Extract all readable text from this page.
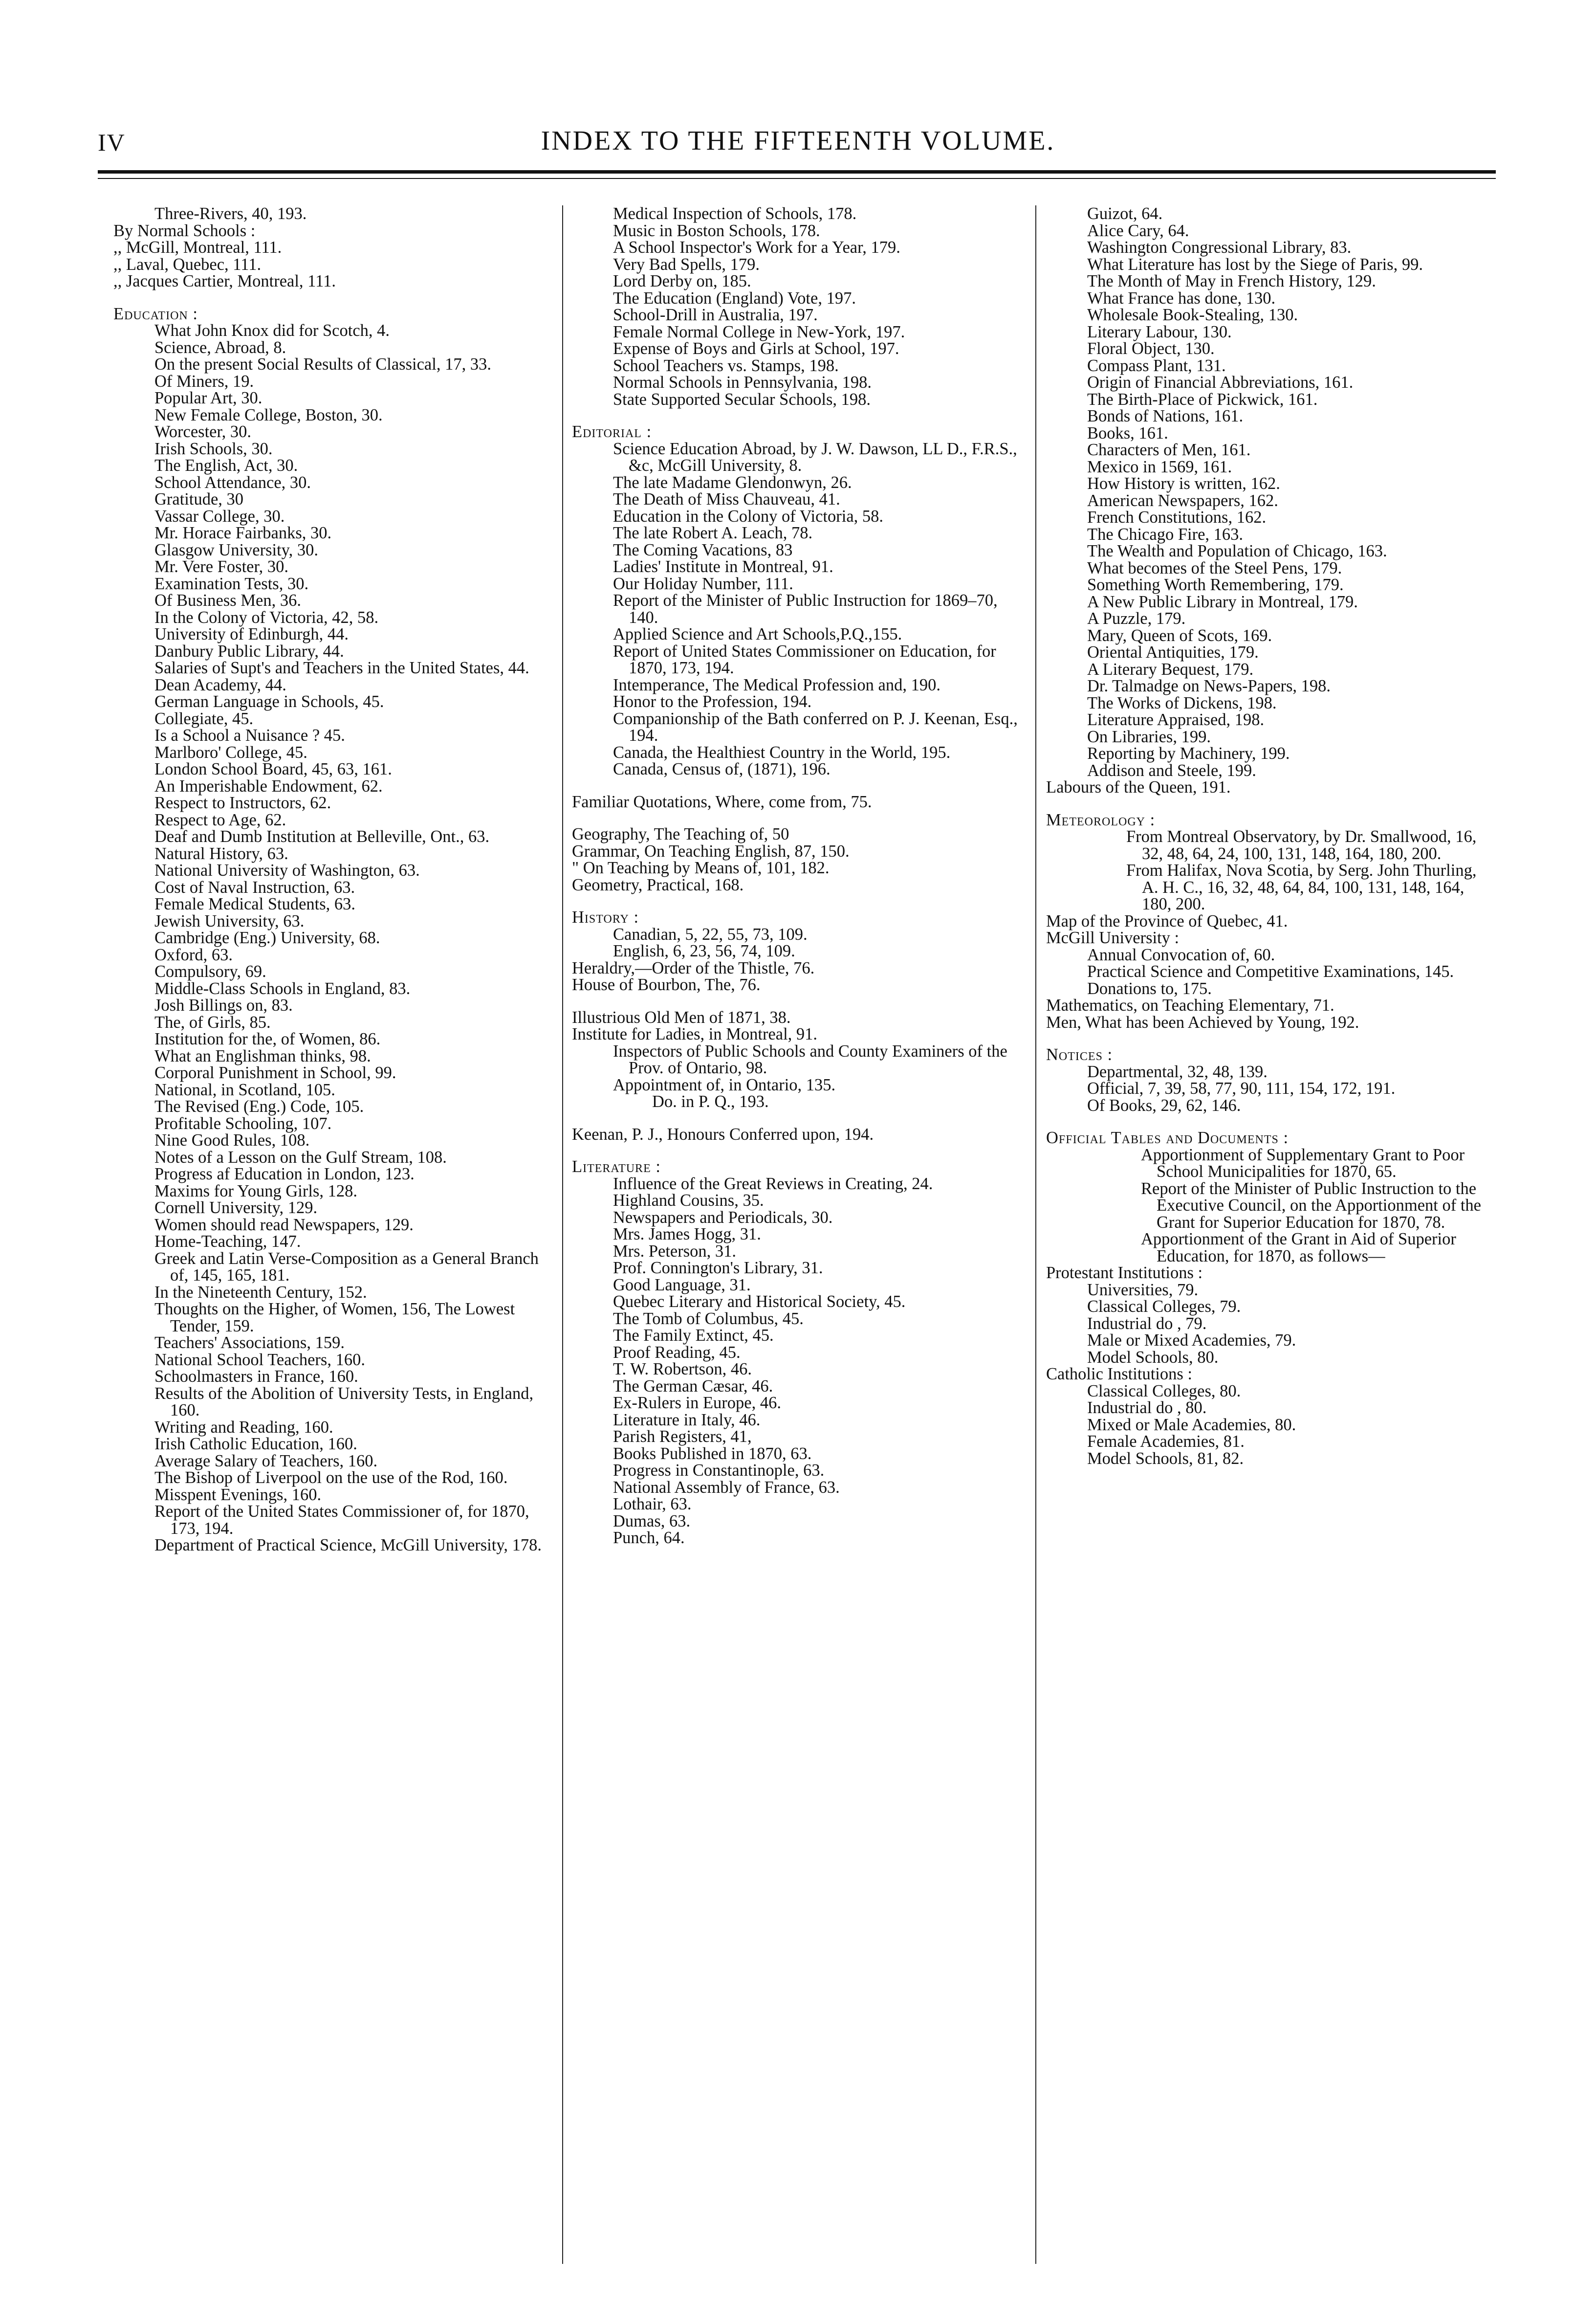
IV	INDEX TO THE FIFTEENTH VOLUME.
Three-Rivers, 40, 193.
By Normal Schools :
,, McGill, Montreal, 111.
,, Laval, Quebec, 111.
,, Jacques Cartier, Montreal, 111.
Education :
What John Knox did for Scotch, 4.
Science, Abroad, 8.
On the present Social Results of Classical, 17, 33.
Of Miners, 19.
Popular Art, 30.
New Female College, Boston, 30.
Worcester, 30.
Irish Schools, 30.
The English, Act, 30.
School Attendance, 30.
Gratitude, 30
Vassar College, 30.
Mr. Horace Fairbanks, 30.
Glasgow University, 30.
Mr. Vere Foster, 30.
Examination Tests, 30.
Of Business Men, 36.
In the Colony of Victoria, 42, 58.
University of Edinburgh, 44.
Danbury Public Library, 44.
Salaries of Supt's and Teachers in the United States, 44.
Dean Academy, 44.
German Language in Schools, 45.
Collegiate, 45.
Is a School a Nuisance ? 45.
Marlboro' College, 45.
London School Board, 45, 63, 161.
An Imperishable Endowment, 62.
Respect to Instructors, 62.
Respect to Age, 62.
Deaf and Dumb Institution at Belleville, Ont., 63.
Natural History, 63.
National University of Washington, 63.
Cost of Naval Instruction, 63.
Female Medical Students, 63.
Jewish University, 63.
Cambridge (Eng.) University, 68.
Oxford, 63.
Compulsory, 69.
Middle-Class Schools in England, 83.
Josh Billings on, 83.
The, of Girls, 85.
Institution for the, of Women, 86.
What an Englishman thinks, 98.
Corporal Punishment in School, 99.
National, in Scotland, 105.
The Revised (Eng.) Code, 105.
Profitable Schooling, 107.
Nine Good Rules, 108.
Notes of a Lesson on the Gulf Stream, 108.
Progress af Education in London, 123.
Maxims for Young Girls, 128.
Cornell University, 129.
Women should read Newspapers, 129.
Home-Teaching, 147.
Greek and Latin Verse-Composition as a General Branch of, 145, 165, 181.
In the Nineteenth Century, 152.
Thoughts on the Higher, of Women, 156, The Lowest Tender, 159.
Teachers' Associations, 159.
National School Teachers, 160.
Schoolmasters in France, 160.
Results of the Abolition of University Tests, in England, 160.
Writing and Reading, 160.
Irish Catholic Education, 160.
Average Salary of Teachers, 160.
The Bishop of Liverpool on the use of the Rod, 160.
Misspent Evenings, 160.
Report of the United States Commissioner of, for 1870, 173, 194.
Department of Practical Science, McGill University, 178.
Medical Inspection of Schools, 178.
Music in Boston Schools, 178.
A School Inspector's Work for a Year, 179.
Very Bad Spells, 179.
Lord Derby on, 185.
The Education (England) Vote, 197.
School-Drill in Australia, 197.
Female Normal College in New-York, 197.
Expense of Boys and Girls at School, 197.
School Teachers vs. Stamps, 198.
Normal Schools in Pennsylvania, 198.
State Supported Secular Schools, 198.
Editorial :
Science Education Abroad, by J. W. Dawson, LL D., F.R.S., &c, McGill University, 8.
The late Madame Glendonwyn, 26.
The Death of Miss Chauveau, 41.
Education in the Colony of Victoria, 58.
The late Robert A. Leach, 78.
The Coming Vacations, 83
Ladies' Institute in Montreal, 91.
Our Holiday Number, 111.
Report of the Minister of Public Instruction for 1869–70, 140.
Applied Science and Art Schools,P.Q.,155.
Report of United States Commissioner on Education, for 1870, 173, 194.
Intemperance, The Medical Profession and, 190.
Honor to the Profession, 194.
Companionship of the Bath conferred on P. J. Keenan, Esq., 194.
Canada, the Healthiest Country in the World, 195.
Canada, Census of, (1871), 196.
Familiar Quotations, Where, come from, 75.
Geography, The Teaching of, 50
Grammar, On Teaching English, 87, 150.
" On Teaching by Means of, 101, 182.
Geometry, Practical, 168.
History :
Canadian, 5, 22, 55, 73, 109.
English, 6, 23, 56, 74, 109.
Heraldry,—Order of the Thistle, 76.
House of Bourbon, The, 76.
Illustrious Old Men of 1871, 38.
Institute for Ladies, in Montreal, 91.
Inspectors of Public Schools and County Examiners of the Prov. of Ontario, 98.
Appointment of, in Ontario, 135.
Do. in P. Q., 193.
Keenan, P. J., Honours Conferred upon, 194.
Literature :
Influence of the Great Reviews in Creating, 24.
Highland Cousins, 35.
Newspapers and Periodicals, 30.
Mrs. James Hogg, 31.
Mrs. Peterson, 31.
Prof. Connington's Library, 31.
Good Language, 31.
Quebec Literary and Historical Society, 45.
The Tomb of Columbus, 45.
The Family Extinct, 45.
Proof Reading, 45.
T. W. Robertson, 46.
The German Cæsar, 46.
Ex-Rulers in Europe, 46.
Literature in Italy, 46.
Parish Registers, 41,
Books Published in 1870, 63.
Progress in Constantinople, 63.
National Assembly of France, 63.
Lothair, 63.
Dumas, 63.
Punch, 64.
Guizot, 64.
Alice Cary, 64.
Washington Congressional Library, 83.
What Literature has lost by the Siege of Paris, 99.
The Month of May in French History, 129.
What France has done, 130.
Wholesale Book-Stealing, 130.
Literary Labour, 130.
Floral Object, 130.
Compass Plant, 131.
Origin of Financial Abbreviations, 161.
The Birth-Place of Pickwick, 161.
Bonds of Nations, 161.
Books, 161.
Characters of Men, 161.
Mexico in 1569, 161.
How History is written, 162.
American Newspapers, 162.
French Constitutions, 162.
The Chicago Fire, 163.
The Wealth and Population of Chicago, 163.
What becomes of the Steel Pens, 179.
Something Worth Remembering, 179.
A New Public Library in Montreal, 179.
A Puzzle, 179.
Mary, Queen of Scots, 169.
Oriental Antiquities, 179.
A Literary Bequest, 179.
Dr. Talmadge on News-Papers, 198.
The Works of Dickens, 198.
Literature Appraised, 198.
On Libraries, 199.
Reporting by Machinery, 199.
Addison and Steele, 199.
Labours of the Queen, 191.
Meteorology :
From Montreal Observatory, by Dr. Smallwood, 16, 32, 48, 64, 24, 100, 131, 148, 164, 180, 200.
From Halifax, Nova Scotia, by Serg. John Thurling, A. H. C., 16, 32, 48, 64, 84, 100, 131, 148, 164, 180, 200.
Map of the Province of Quebec, 41.
McGill University :
Annual Convocation of, 60.
Practical Science and Competitive Examinations, 145.
Donations to, 175.
Mathematics, on Teaching Elementary, 71.
Men, What has been Achieved by Young, 192.
Notices :
Departmental, 32, 48, 139.
Official, 7, 39, 58, 77, 90, 111, 154, 172, 191.
Of Books, 29, 62, 146.
Official Tables and Documents :
Apportionment of Supplementary Grant to Poor School Municipalities for 1870, 65.
Report of the Minister of Public Instruction to the Executive Council, on the Apportionment of the Grant for Superior Education for 1870, 78.
Apportionment of the Grant in Aid of Superior Education, for 1870, as follows—
Protestant Institutions :
Universities, 79.
Classical Colleges, 79.
Industrial do , 79.
Male or Mixed Academies, 79.
Model Schools, 80.
Catholic Institutions :
Classical Colleges, 80.
Industrial do , 80.
Mixed or Male Academies, 80.
Female Academies, 81.
Model Schools, 81, 82.
